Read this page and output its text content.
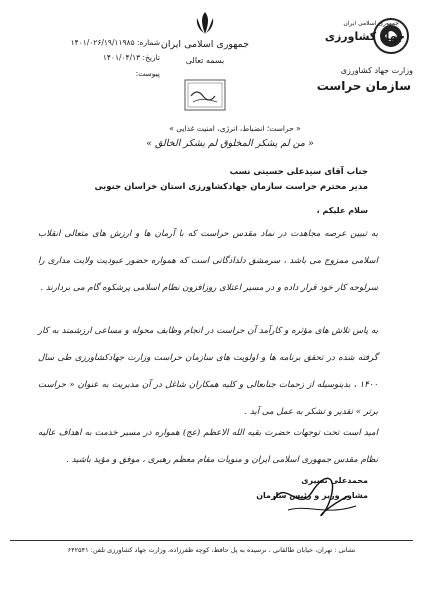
جمهوری اسلامی ایران
جهاد کشاورزی
وزارت جهاد کشاورزی
سازمان حراست
جمهوری اسلامی ایران
بسمه تعالی
شماره: ۱۴۰۱/۰۲۶/۱۹/۱۱۹۸۵
تاریخ: ۱۴۰۱/۰۴/۱۳
پیوست:
« حراست؛ انضباط، انرژی، امنیت غذایی »
« من لم یشکر المخلوق لم یشکر الخالق »
جناب آقای سیدعلی حسینی نسب
مدیر محترم حراست سازمان جهادکشاورزی استان خراسان جنوبی
سلام علیکم ،
به تبیین عرصه مجاهدت در نماد مقدس حراست که با آرمان ها و ارزش های متعالی انقلاب اسلامی ممزوج می باشد ، سرمشق دلدادگانی است که همواره حضور عبودیت ولایت مداری را سرلوحه کار خود قرار داده و در مسیر اعتلای روزافزون نظام اسلامی پرشکوه گام می بردارند .
به پاس تلاش های مؤثره و کارآمد آن حراست در انجام وظایف محوله و مساعی ارزشمند به کار گرفته شده در تحقق برنامه ها و اولویت های سازمان حراست وزارت جهادکشاورزی طی سال ۱۴۰۰ ، بدینوسیله از زحمات جنابعالی و کلیه همکاران شاغل در آن مدیریت به عنوان « حراست برتر » تقدیر و تشکر به عمل می آید .
امید است تحت توجهات حضرت بقیه الله الاعظم (عج) همواره در مسیر خدمت به اهداف عالیه نظام مقدس جمهوری اسلامی ایران و منویات مقام معظم رهبری ، موفق و مؤید باشید .
محمدعلی نصیری
مشاور وزیر و رئیس سازمان
نشانی : تهران، خیابان طالقانی ، نرسیده به پل حافظ، کوچه ظفرزاده، وزارت جهاد کشاورزی تلفن: ۶۴۲۵۴۱
